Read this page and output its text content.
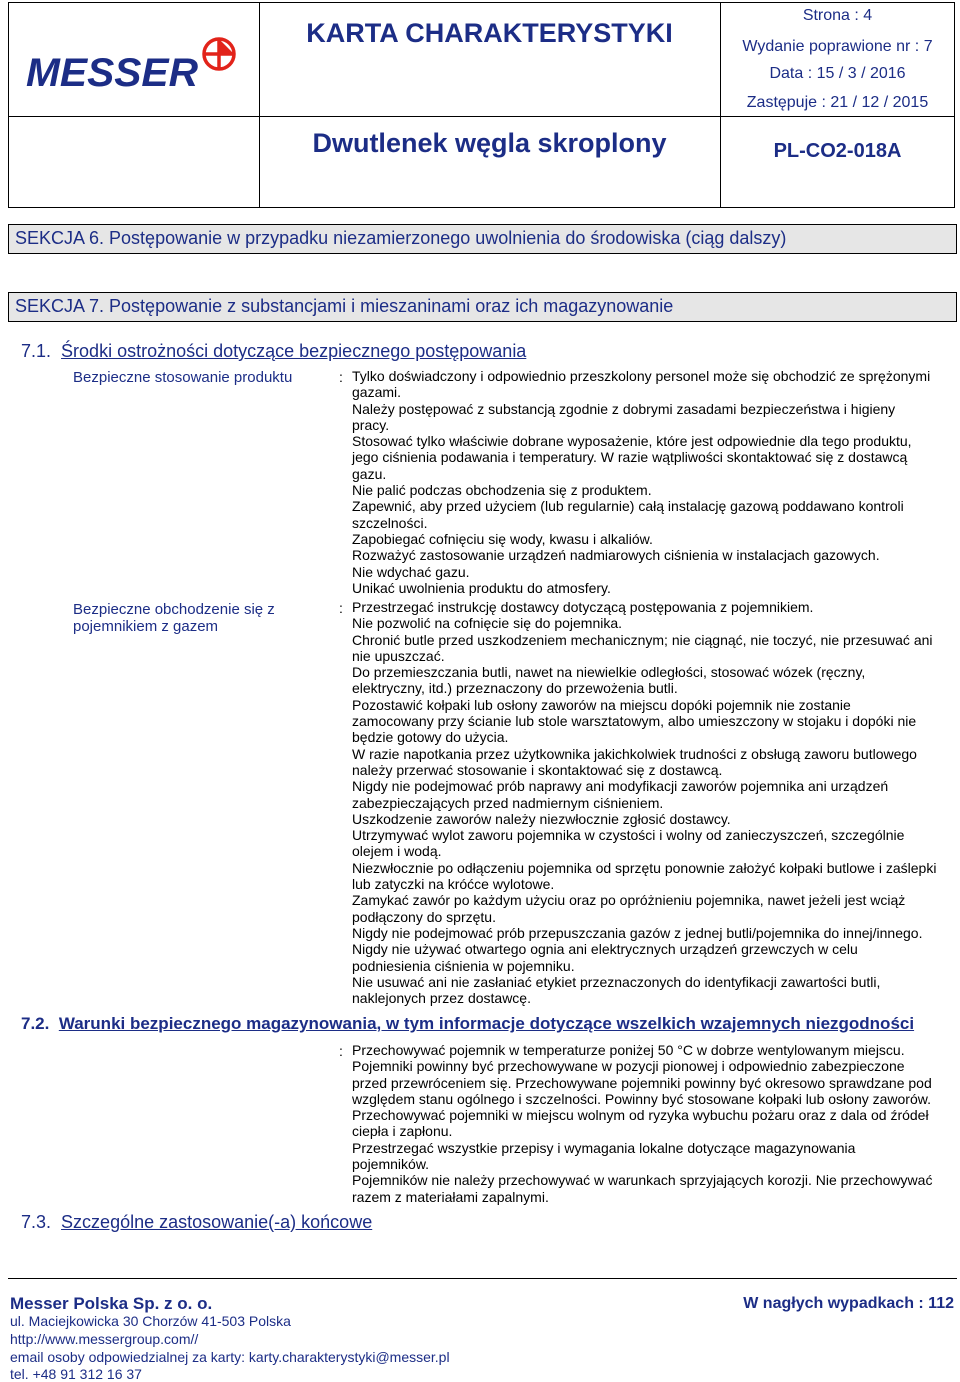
MESSER
KARTA CHARAKTERYSTYKI
Dwutlenek węgla skroplony
Strona : 4
Wydanie poprawione nr : 7
Data : 15 / 3 / 2016
Zastępuje : 21 / 12 / 2015
PL-CO2-018A
SEKCJA 6. Postępowanie w przypadku niezamierzonego uwolnienia do środowiska (ciąg dalszy)
SEKCJA 7. Postępowanie z substancjami i mieszaninami oraz ich magazynowanie
7.1. Środki ostrożności dotyczące bezpiecznego postępowania
Bezpieczne stosowanie produktu	: Tylko doświadczony i odpowiednio przeszkolony personel może się obchodzić ze sprężonymi

gazami.

Należy postępować z substancją zgodnie z dobrymi zasadami bezpieczeństwa i higieny

pracy.

Stosować tylko właściwie dobrane wyposażenie, które jest odpowiednie dla tego produktu,

jego ciśnienia podawania i temperatury. W razie wątpliwości skontaktować się z dostawcą

gazu.

Nie palić podczas obchodzenia się z produktem.

Zapewnić, aby przed użyciem (lub regularnie) całą instalację gazową poddawano kontroli

szczelności.

Zapobiegać cofnięciu się wody, kwasu i alkaliów.

Rozważyć zastosowanie urządzeń nadmiarowych ciśnienia w instalacjach gazowych.

Nie wdychać gazu.

Unikać uwolnienia produktu do atmosfery.

Bezpieczne obchodzenie się z
pojemnikiem z gazem
: Przestrzegać instrukcję dostawcy dotyczącą postępowania z pojemnikiem.

Nie pozwolić na cofnięcie się do pojemnika.

Chronić butle przed uszkodzeniem mechanicznym; nie ciągnąć, nie toczyć, nie przesuwać ani

nie upuszczać.

Do przemieszczania butli, nawet na niewielkie odległości, stosować wózek (ręczny,

elektryczny, itd.) przeznaczony do przewożenia butli.

Pozostawić kołpaki lub osłony zaworów na miejscu dopóki pojemnik nie zostanie

zamocowany przy ścianie lub stole warsztatowym, albo umieszczony w stojaku i dopóki nie

będzie gotowy do użycia.

W razie napotkania przez użytkownika jakichkolwiek trudności z obsługą zaworu butlowego

należy przerwać stosowanie i skontaktować się z dostawcą.

Nigdy nie podejmować prób naprawy ani modyfikacji zaworów pojemnika ani urządzeń

zabezpieczających przed nadmiernym ciśnieniem.

Uszkodzenie zaworów należy niezwłocznie zgłosić dostawcy.

Utrzymywać wylot zaworu pojemnika w czystości i wolny od zanieczyszczeń, szczególnie

olejem i wodą.

Niezwłocznie po odłączeniu pojemnika od sprzętu ponownie założyć kołpaki butlowe i zaślepki

lub zatyczki na króćce wylotowe.

Zamykać zawór po każdym użyciu oraz po opróżnieniu pojemnika, nawet jeżeli jest wciąż

podłączony do sprzętu.

Nigdy nie podejmować prób przepuszczania gazów z jednej butli/pojemnika do innej/innego.

Nigdy nie używać otwartego ognia ani elektrycznych urządzeń grzewczych w celu

podniesienia ciśnienia w pojemniku.

Nie usuwać ani nie zasłaniać etykiet przeznaczonych do identyfikacji zawartości butli,

naklejonych przez dostawcę.

7.2. Warunki bezpiecznego magazynowania, w tym informacje dotyczące wszelkich wzajemnych niezgodności
: Przechowywać pojemnik w temperaturze poniżej 50 °C w dobrze wentylowanym miejscu.

Pojemniki powinny być przechowywane w pozycji pionowej i odpowiednio zabezpieczone

przed przewróceniem się. Przechowywane pojemniki powinny być okresowo sprawdzane pod

względem stanu ogólnego i szczelności. Powinny być stosowane kołpaki lub osłony zaworów.

Przechowywać pojemniki w miejscu wolnym od ryzyka wybuchu pożaru oraz z dala od źródeł

ciepła i zapłonu.

Przestrzegać wszystkie przepisy i wymagania lokalne dotyczące magazynowania

pojemników.

Pojemników nie należy przechowywać w warunkach sprzyjających korozji. Nie przechowywać

razem z materiałami zapalnymi.

7.3. Szczególne zastosowanie(-a) końcowe
Messer Polska Sp. z o. o.
ul. Maciejkowicka 30 Chorzów 41-503 Polska
http://www.messergroup.com//
email osoby odpowiedzialnej za karty: karty.charakterystyki@messer.pl
tel. +48 91 312 16 37
W nagłych wypadkach : 112
